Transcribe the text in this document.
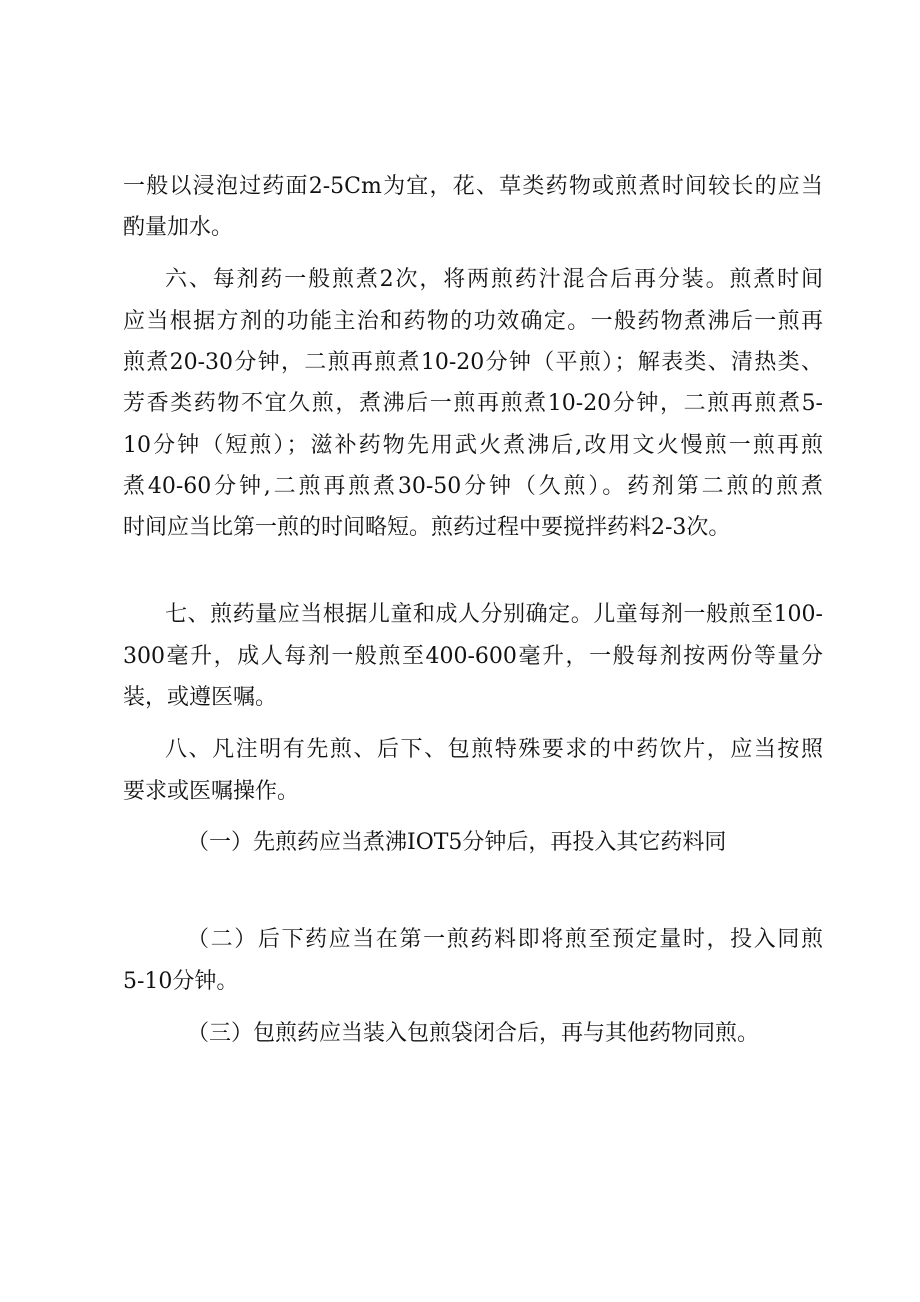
一般以浸泡过药面2-5Cm为宜，花、草类药物或煎煮时间较长的应当
酌量加水。
六、每剂药一般煎煮2次，将两煎药汁混合后再分装。煎煮时间
应当根据方剂的功能主治和药物的功效确定。一般药物煮沸后一煎再
煎煮20-30分钟，二煎再煎煮10-20分钟（平煎）；解表类、清热类、
芳香类药物不宜久煎，煮沸后一煎再煎煮10-20分钟，二煎再煎煮5-
10分钟（短煎）；滋补药物先用武火煮沸后,改用文火慢煎一煎再煎
煮40-60分钟,二煎再煎煮30-50分钟（久煎）。药剂第二煎的煎煮
时间应当比第一煎的时间略短。煎药过程中要搅拌药料2-3次。
七、煎药量应当根据儿童和成人分别确定。儿童每剂一般煎至100-
300毫升，成人每剂一般煎至400-600毫升，一般每剂按两份等量分
装，或遵医嘱。
八、凡注明有先煎、后下、包煎特殊要求的中药饮片，应当按照
要求或医嘱操作。
（一）先煎药应当煮沸IOT5分钟后，再投入其它药料同
（二）后下药应当在第一煎药料即将煎至预定量时，投入同煎
5-10分钟。
（三）包煎药应当装入包煎袋闭合后，再与其他药物同煎。
